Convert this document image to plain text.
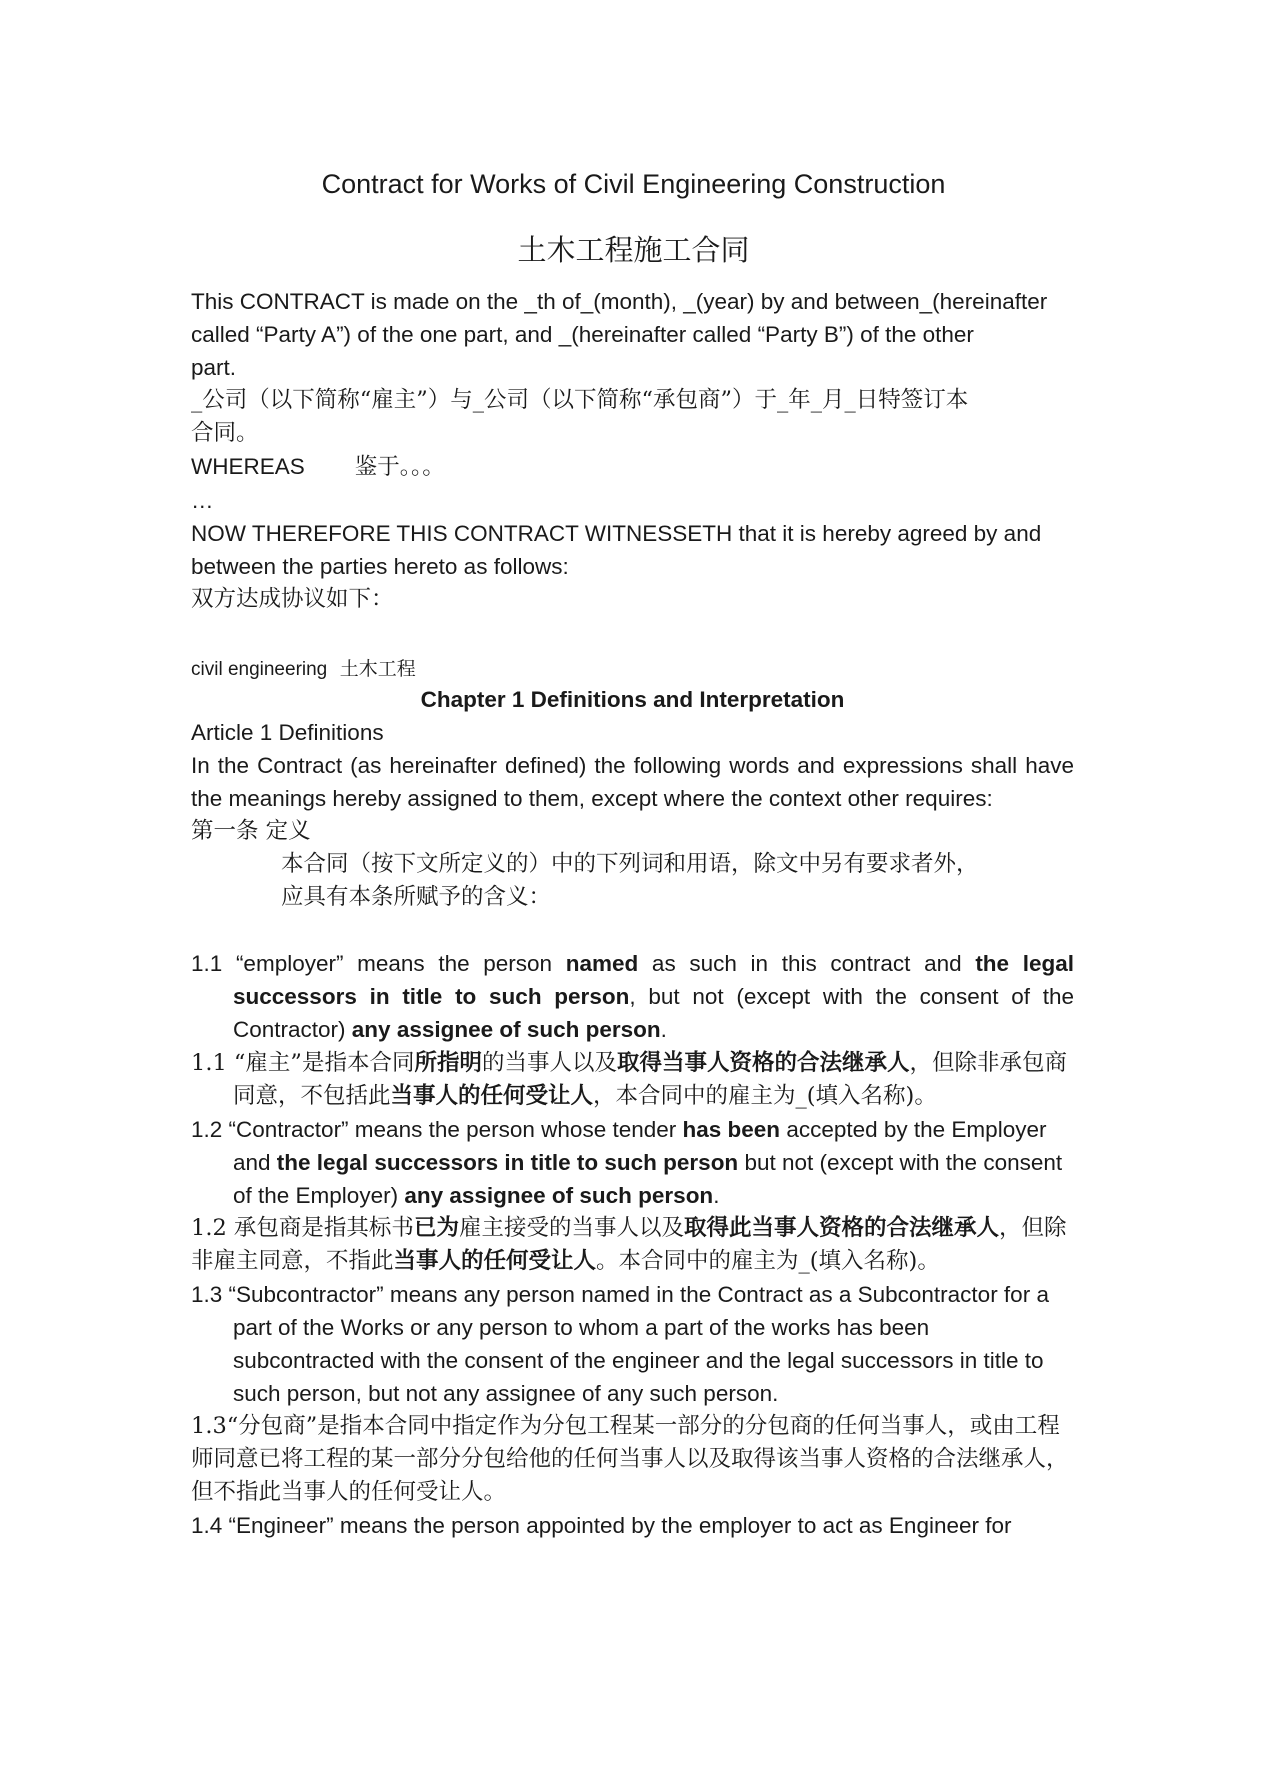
Contract for Works of Civil Engineering Construction
土木工程施工合同
This CONTRACT is made on the _th of_(month), _(year) by and between_(hereinafter
called “Party A”) of the one part, and _(hereinafter called “Party B”) of the other
part.
_公司（以下简称“雇主”）与_公司（以下简称“承包商”）于_年_月_日特签订本
合同。
WHEREAS 鉴于。。。
…
NOW THEREFORE THIS CONTRACT WITNESSETH that it is hereby agreed by and
between the parties hereto as follows:
双方达成协议如下：
civil engineering 土木工程
Chapter 1 Definitions and Interpretation
Article 1 Definitions
In the Contract (as hereinafter defined) the following words and expressions shall have the meanings hereby assigned to them, except where the context other requires:
第一条 定义
本合同（按下文所定义的）中的下列词和用语，除文中另有要求者外，
应具有本条所赋予的含义：
1.1 “employer” means the person named as such in this contract and the legal successors in title to such person, but not (except with the consent of the Contractor) any assignee of such person.
1.1 “雇主”是指本合同所指明的当事人以及取得当事人资格的合法继承人，但除非承包商同意，不包括此当事人的任何受让人，本合同中的雇主为_(填入名称)。
1.2 “Contractor” means the person whose tender has been accepted by the Employer and the legal successors in title to such person but not (except with the consent of the Employer) any assignee of such person.
1.2 承包商是指其标书已为雇主接受的当事人以及取得此当事人资格的合法继承人，但除非雇主同意，不指此当事人的任何受让人。本合同中的雇主为_(填入名称)。
1.3 “Subcontractor” means any person named in the Contract as a Subcontractor for a part of the Works or any person to whom a part of the works has been subcontracted with the consent of the engineer and the legal successors in title to such person, but not any assignee of any such person.
1.3“分包商”是指本合同中指定作为分包工程某一部分的分包商的任何当事人，或由工程师同意已将工程的某一部分分包给他的任何当事人以及取得该当事人资格的合法继承人，但不指此当事人的任何受让人。
1.4 “Engineer” means the person appointed by the employer to act as Engineer for
